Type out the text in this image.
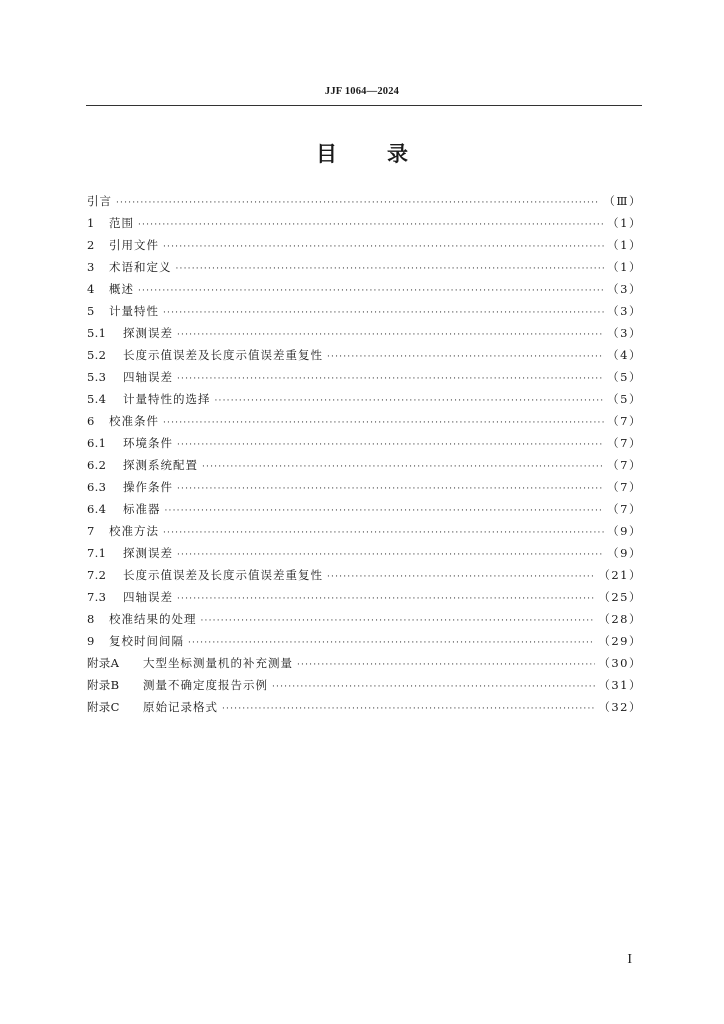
JJF 1064—2024
目 录
引言 ·····	（Ⅲ）
1	范围 ·····	（1）
2	引用文件 ·····	（1）
3	术语和定义 ·····	（1）
4	概述 ·····	（3）
5	计量特性 ·····	（3）
5.1	探测误差 ·····	（3）
5.2	长度示值误差及长度示值误差重复性 ·····	（4）
5.3	四轴误差 ·····	（5）
5.4	计量特性的选择 ·····	（5）
6	校准条件 ·····	（7）
6.1	环境条件 ·····	（7）
6.2	探测系统配置 ·····	（7）
6.3	操作条件 ·····	（7）
6.4	标准器 ·····	（7）
7	校准方法 ·····	（9）
7.1	探测误差 ·····	（9）
7.2	长度示值误差及长度示值误差重复性 ·····	（21）
7.3	四轴误差 ·····	（25）
8	校准结果的处理 ·····	（28）
9	复校时间间隔 ·····	（29）
附录A	大型坐标测量机的补充测量 ·····	（30）
附录B	测量不确定度报告示例 ·····	（31）
附录C	原始记录格式 ·····	（32）
I
